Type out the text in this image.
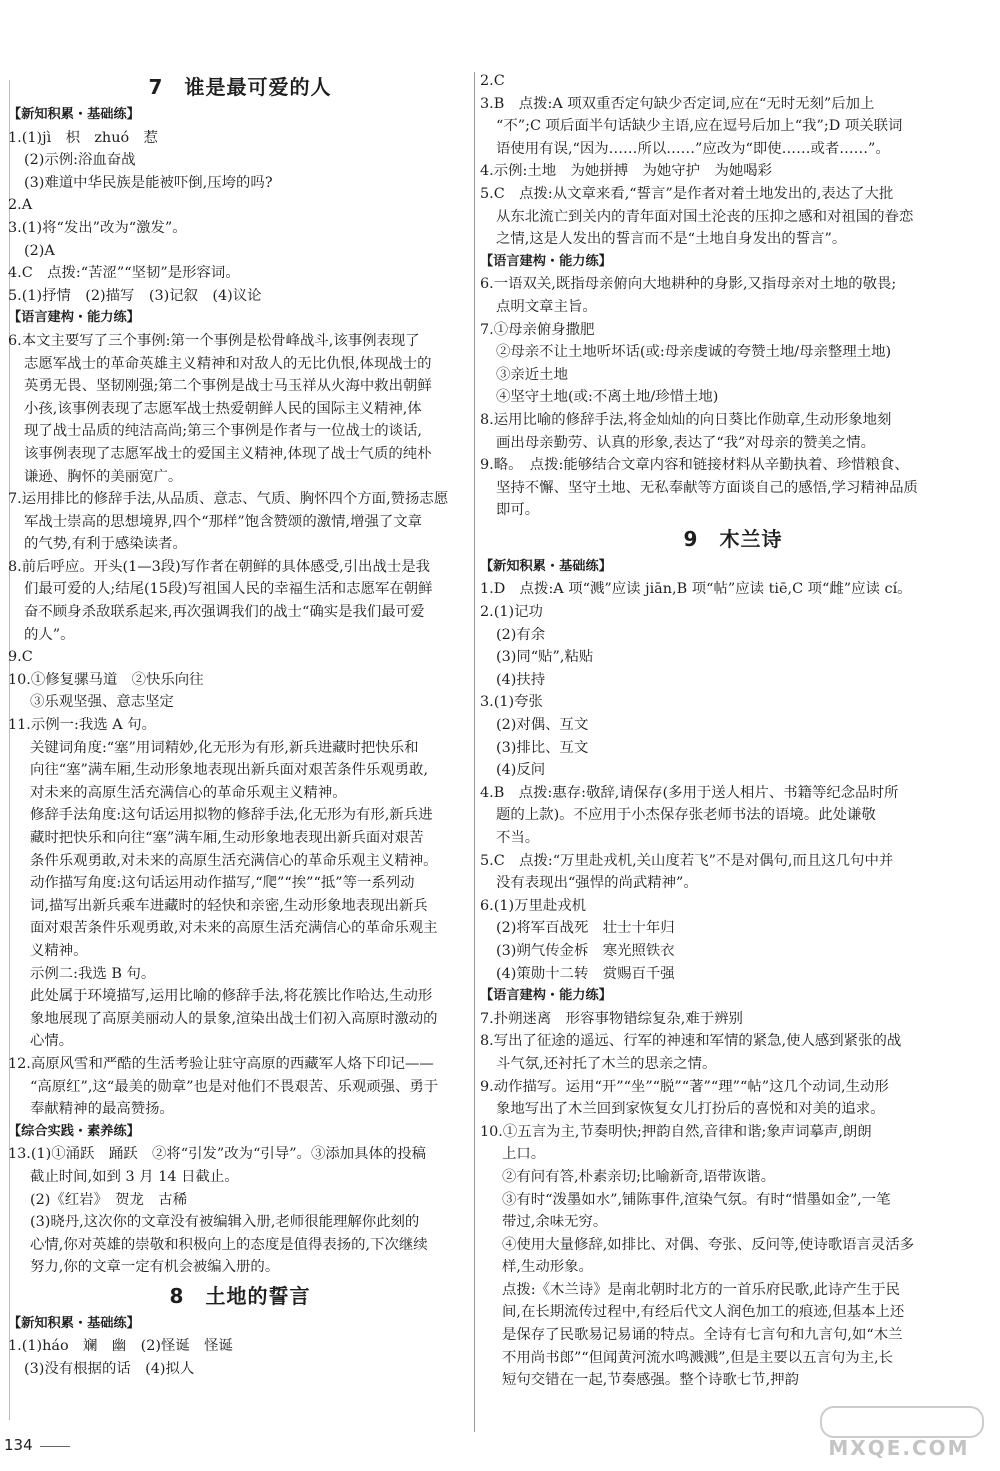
7　谁是最可爱的人
【新知积累・基础练】
1.(1)jì　枳　zhuó　惹
(2)示例:浴血奋战
(3)难道中华民族是能被吓倒,压垮的吗?
2.A
3.(1)将“发出”改为“激发”。
(2)A
4.C　点拨:“苦涩”“坚韧”是形容词。
5.(1)抒情　(2)描写　(3)记叙　(4)议论
【语言建构・能力练】
6.本文主要写了三个事例:第一个事例是松骨峰战斗,该事例表现了
志愿军战士的革命英雄主义精神和对敌人的无比仇恨,体现战士的
英勇无畏、坚韧刚强;第二个事例是战士马玉祥从火海中救出朝鲜
小孩,该事例表现了志愿军战士热爱朝鲜人民的国际主义精神,体
现了战士品质的纯洁高尚;第三个事例是作者与一位战士的谈话,
该事例表现了志愿军战士的爱国主义精神,体现了战士气质的纯朴
谦逊、胸怀的美丽宽广。
7.运用排比的修辞手法,从品质、意志、气质、胸怀四个方面,赞扬志愿
军战士崇高的思想境界,四个“那样”饱含赞颂的激情,增强了文章
的气势,有利于感染读者。
8.前后呼应。开头(1—3段)写作者在朝鲜的具体感受,引出战士是我
们最可爱的人;结尾(15段)写祖国人民的幸福生活和志愿军在朝鲜
奋不顾身杀敌联系起来,再次强调我们的战士“确实是我们最可爱
的人”。
9.C
10.①修复骡马道　②快乐向往
③乐观坚强、意志坚定
11.示例一:我选 A 句。
关键词角度:“塞”用词精妙,化无形为有形,新兵进藏时把快乐和
向往“塞”满车厢,生动形象地表现出新兵面对艰苦条件乐观勇敢,
对未来的高原生活充满信心的革命乐观主义精神。
修辞手法角度:这句话运用拟物的修辞手法,化无形为有形,新兵进
藏时把快乐和向往“塞”满车厢,生动形象地表现出新兵面对艰苦
条件乐观勇敢,对未来的高原生活充满信心的革命乐观主义精神。
动作描写角度:这句话运用动作描写,“爬”“挨”“抵”等一系列动
词,描写出新兵乘车进藏时的轻快和亲密,生动形象地表现出新兵
面对艰苦条件乐观勇敢,对未来的高原生活充满信心的革命乐观主
义精神。
示例二:我选 B 句。
此处属于环境描写,运用比喻的修辞手法,将花簇比作哈达,生动形
象地展现了高原美丽动人的景象,渲染出战士们初入高原时激动的
心情。
12.高原风雪和严酷的生活考验让驻守高原的西藏军人烙下印记——
“高原红”,这“最美的勋章”也是对他们不畏艰苦、乐观顽强、勇于
奉献精神的最高赞扬。
【综合实践・素养练】
13.(1)①涌跃　踊跃　②将“引发”改为“引导”。③添加具体的投稿
截止时间,如到 3 月 14 日截止。
(2)《红岩》　贺龙　古稀
(3)晓丹,这次你的文章没有被编辑入册,老师很能理解你此刻的
心情,你对英雄的崇敬和积极向上的态度是值得表扬的,下次继续
努力,你的文章一定有机会被编入册的。
8　土地的誓言
【新知积累・基础练】
1.(1)háo　斓　幽　(2)怪诞　怪诞
(3)没有根据的话　(4)拟人
2.C
3.B　点拨:A 项双重否定句缺少否定词,应在“无时无刻”后加上
“不”;C 项后面半句话缺少主语,应在逗号后加上“我”;D 项关联词
语使用有误,“因为……所以……”应改为“即使……或者……”。
4.示例:土地　为她拼搏　为她守护　为她喝彩
5.C　点拨:从文章来看,“誓言”是作者对着土地发出的,表达了大批
从东北流亡到关内的青年面对国土沦丧的压抑之感和对祖国的眷恋
之情,这是人发出的誓言而不是“土地自身发出的誓言”。
【语言建构・能力练】
6.一语双关,既指母亲俯向大地耕种的身影,又指母亲对土地的敬畏;
点明文章主旨。
7.①母亲俯身撒肥
②母亲不让土地听坏话(或:母亲虔诚的夸赞土地/母亲整理土地)
③亲近土地
④坚守土地(或:不离土地/珍惜土地)
8.运用比喻的修辞手法,将金灿灿的向日葵比作勋章,生动形象地刻
画出母亲勤劳、认真的形象,表达了“我”对母亲的赞美之情。
9.略。　点拨:能够结合文章内容和链接材料从辛勤执着、珍惜粮食、
坚持不懈、坚守土地、无私奉献等方面谈自己的感悟,学习精神品质
即可。
9　木兰诗
【新知积累・基础练】
1.D　点拨:A 项“溅”应读 jiān,B 项“帖”应读 tiē,C 项“雌”应读 cí。
2.(1)记功
(2)有余
(3)同“贴”,粘贴
(4)扶持
3.(1)夸张
(2)对偶、互文
(3)排比、互文
(4)反问
4.B　点拨:惠存:敬辞,请保存(多用于送人相片、书籍等纪念品时所
题的上款)。不应用于小杰保存张老师书法的语境。此处谦敬
不当。
5.C　点拨:“万里赴戎机,关山度若飞”不是对偶句,而且这几句中并
没有表现出“强悍的尚武精神”。
6.(1)万里赴戎机
(2)将军百战死　壮士十年归
(3)朔气传金柝　寒光照铁衣
(4)策勋十二转　赏赐百千强
【语言建构・能力练】
7.扑朔迷离　形容事物错综复杂,难于辨别
8.写出了征途的遥远、行军的神速和军情的紧急,使人感到紧张的战
斗气氛,还衬托了木兰的思亲之情。
9.动作描写。运用“开”“坐”“脱”“著”“理”“帖”这几个动词,生动形
象地写出了木兰回到家恢复女儿打扮后的喜悦和对美的追求。
10.①五言为主,节奏明快;押韵自然,音律和谐;象声词摹声,朗朗
上口。
②有问有答,朴素亲切;比喻新奇,语带诙谐。
③有时“泼墨如水”,铺陈事件,渲染气氛。有时“惜墨如金”,一笔
带过,余味无穷。
④使用大量修辞,如排比、对偶、夸张、反问等,使诗歌语言灵活多
样,生动形象。
点拨:《木兰诗》是南北朝时北方的一首乐府民歌,此诗产生于民
间,在长期流传过程中,有经后代文人润色加工的痕迹,但基本上还
是保存了民歌易记易诵的特点。全诗有七言句和九言句,如“木兰
不用尚书郎”“但闻黄河流水鸣溅溅”,但是主要以五言句为主,长
短句交错在一起,节奏感强。整个诗歌七节,押韵
134	MXQE.COM
